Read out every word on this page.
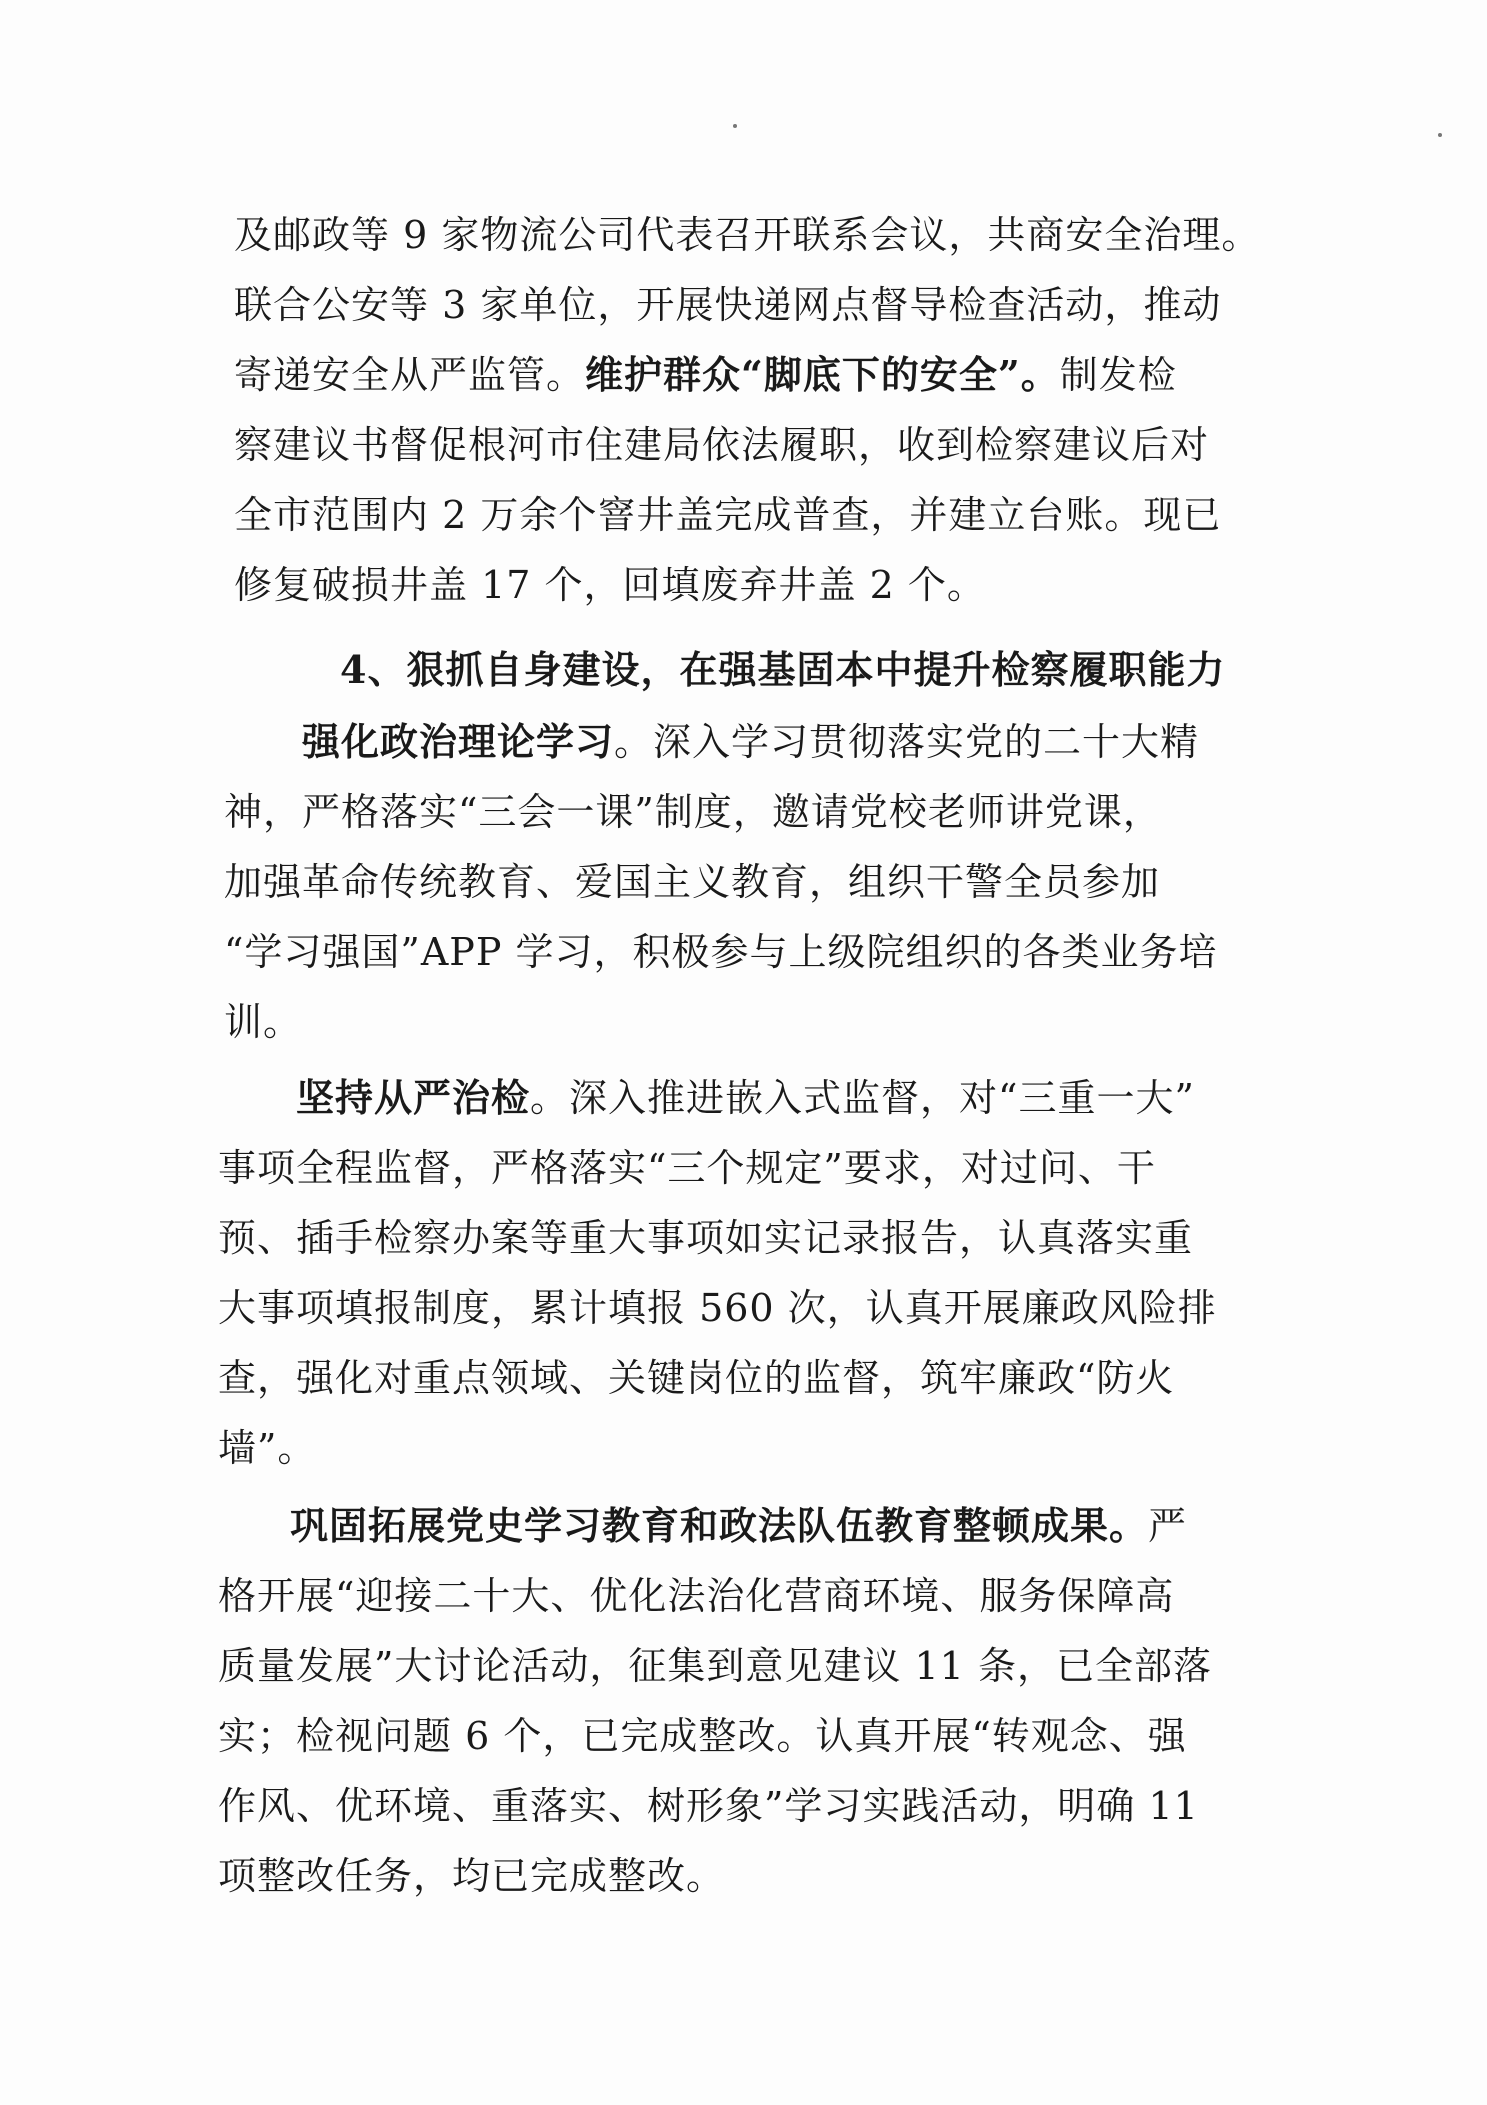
及邮政等 9 家物流公司代表召开联系会议，共商安全治理。
联合公安等 3 家单位，开展快递网点督导检查活动，推动
寄递安全从严监管。维护群众“脚底下的安全”。制发检
察建议书督促根河市住建局依法履职，收到检察建议后对
全市范围内 2 万余个窨井盖完成普查，并建立台账。现已
修复破损井盖 17 个，回填废弃井盖 2 个。
4、狠抓自身建设，在强基固本中提升检察履职能力
强化政治理论学习。深入学习贯彻落实党的二十大精
神，严格落实“三会一课”制度，邀请党校老师讲党课，
加强革命传统教育、爱国主义教育，组织干警全员参加
“学习强国”APP 学习，积极参与上级院组织的各类业务培
训。
坚持从严治检。深入推进嵌入式监督，对“三重一大”
事项全程监督，严格落实“三个规定”要求，对过问、干
预、插手检察办案等重大事项如实记录报告，认真落实重
大事项填报制度，累计填报 560 次，认真开展廉政风险排
查，强化对重点领域、关键岗位的监督，筑牢廉政“防火
墙”。
巩固拓展党史学习教育和政法队伍教育整顿成果。严
格开展“迎接二十大、优化法治化营商环境、服务保障高
质量发展”大讨论活动，征集到意见建议 11 条，已全部落
实；检视问题 6 个，已完成整改。认真开展“转观念、强
作风、优环境、重落实、树形象”学习实践活动，明确 11
项整改任务，均已完成整改。
